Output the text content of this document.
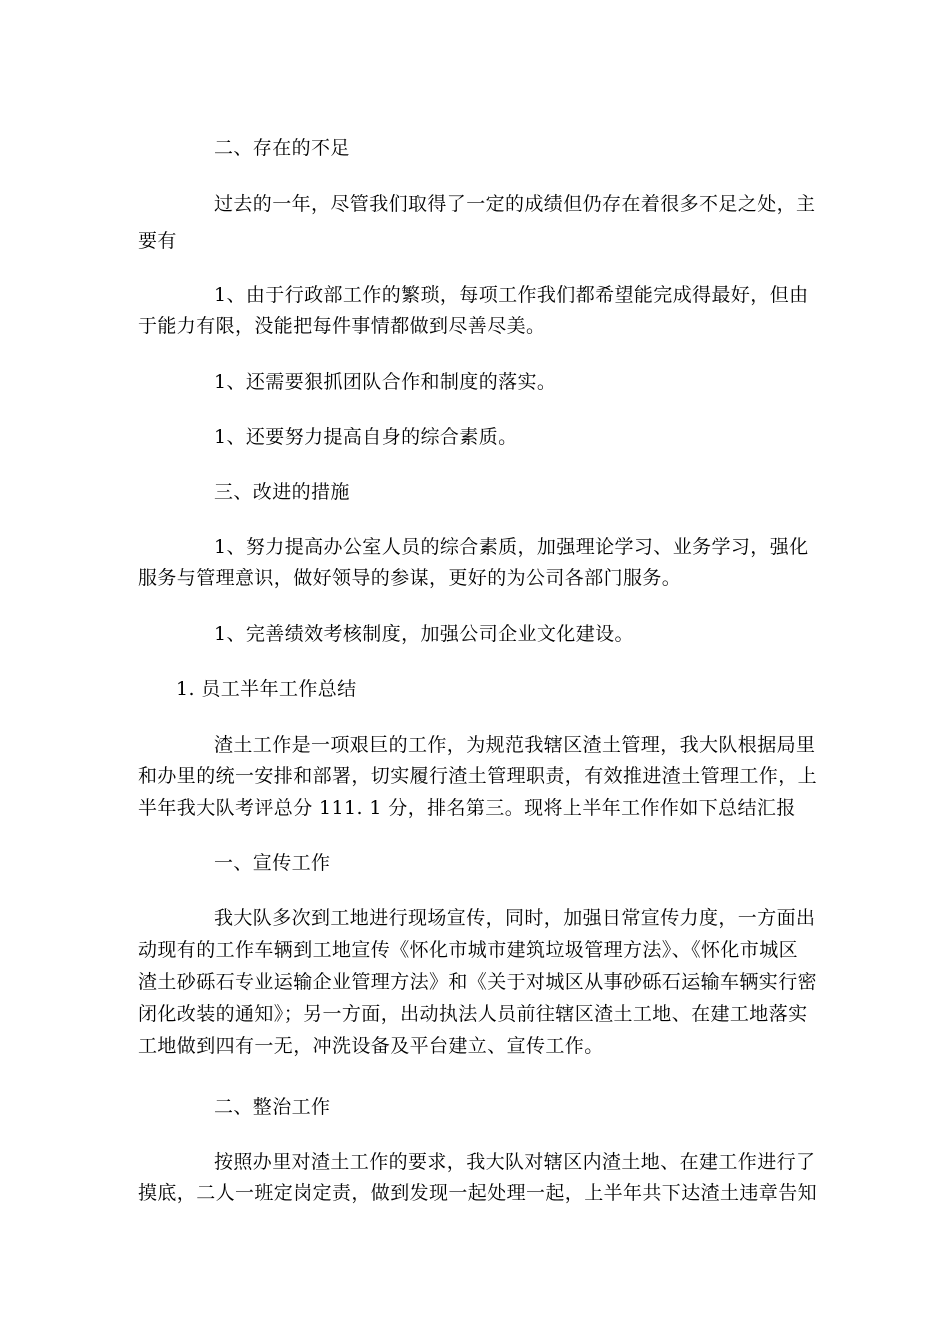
二、存在的不足
过去的一年，尽管我们取得了一定的成绩但仍存在着很多不足之处，主
要有
1、由于行政部工作的繁琐，每项工作我们都希望能完成得最好，但由
于能力有限，没能把每件事情都做到尽善尽美。
1、还需要狠抓团队合作和制度的落实。
1、还要努力提高自身的综合素质。
三、改进的措施
1、努力提高办公室人员的综合素质，加强理论学习、业务学习，强化
服务与管理意识，做好领导的参谋，更好的为公司各部门服务。
1、完善绩效考核制度，加强公司企业文化建设。
1. 员工半年工作总结
渣土工作是一项艰巨的工作，为规范我辖区渣土管理，我大队根据局里
和办里的统一安排和部署，切实履行渣土管理职责，有效推进渣土管理工作，上
半年我大队考评总分 111. 1 分，排名第三。现将上半年工作作如下总结汇报
一、宣传工作
我大队多次到工地进行现场宣传，同时，加强日常宣传力度，一方面出
动现有的工作车辆到工地宣传《怀化市城市建筑垃圾管理方法》、《怀化市城区
渣土砂砾石专业运输企业管理方法》和《关于对城区从事砂砾石运输车辆实行密
闭化改装的通知》；另一方面，出动执法人员前往辖区渣土工地、在建工地落实
工地做到四有一无，冲洗设备及平台建立、宣传工作。
二、整治工作
按照办里对渣土工作的要求，我大队对辖区内渣土地、在建工作进行了
摸底，二人一班定岗定责，做到发现一起处理一起，上半年共下达渣土违章告知
